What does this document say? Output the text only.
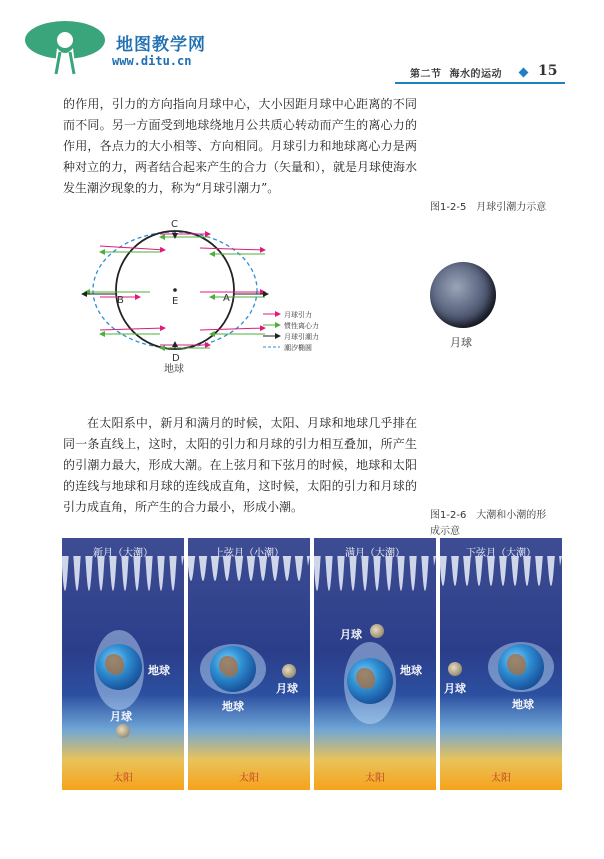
地图教学网
www.ditu.cn
第二节 海水的运动	15

的作用，引力的方向指向月球中心，大小因距月球中心距离的不同而不同。另一方面受到地球绕地月公共质心转动而产生的离心力的作用，各点力的大小相等、方向相同。月球引力和地球离心力是两种对立的力，两者结合起来产生的合力（矢量和），就是月球使海水发生潮汐现象的力，称为“月球引潮力”。

C
B	E	A
D
地球
月球引力
惯性离心力
月球引潮力
潮汐椭圆

图1-2-5　月球引潮力示意

月球

在太阳系中，新月和满月的时候，太阳、月球和地球几乎排在同一条直线上，这时，太阳的引力和月球的引力相互叠加，所产生的引潮力最大，形成大潮。在上弦月和下弦月的时候，地球和太阳的连线与地球和月球的连线成直角，这时候，太阳的引力和月球的引力成直角，所产生的合力最小，形成小潮。

图1-2-6　大潮和小潮的形成示意

新月（大潮）
地球
月球
太阳
上弦月（小潮）
月球
地球
太阳
满月（大潮）
月球
地球
太阳
下弦月（大潮）
月球
地球
太阳
